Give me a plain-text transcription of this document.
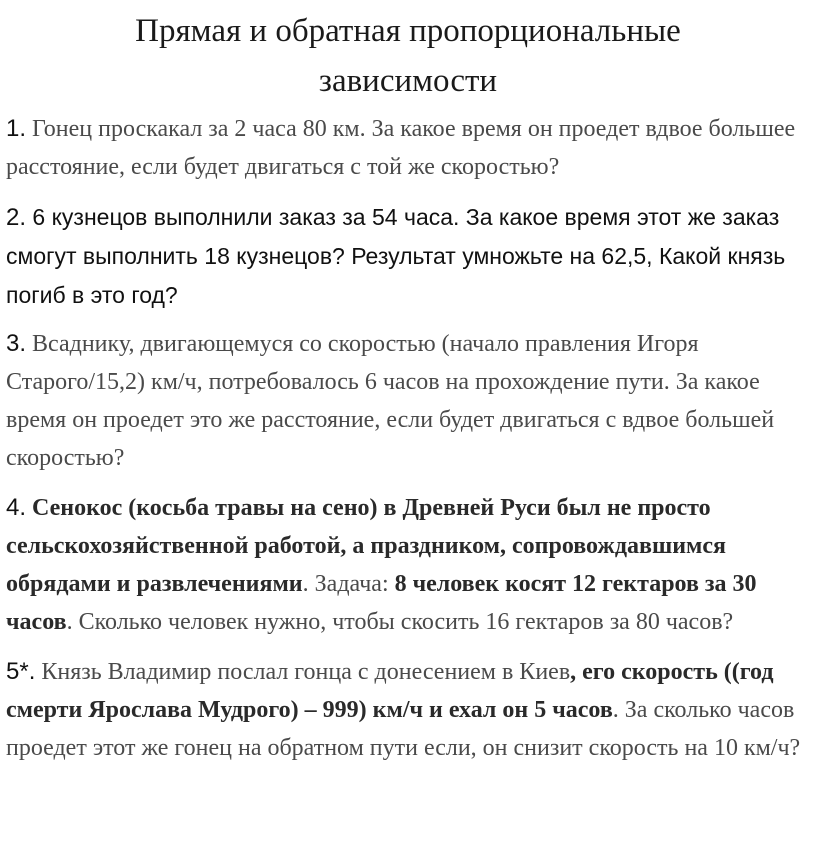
Прямая и обратная пропорциональные
зависимости

1. Гонец проскакал за 2 часа 80 км. За какое время он проедет вдвое большее расстояние, если будет двигаться с той же скоростью?

2. 6 кузнецов выполнили заказ за 54 часа. За какое время этот же заказ смогут выполнить 18 кузнецов? Результат умножьте на 62,5, Какой князь погиб в это год?

3. Всаднику, двигающемуся со скоростью (начало правления Игоря Старого/15,2) км/ч, потребовалось 6 часов на прохождение пути. За какое время он проедет это же расстояние, если будет двигаться с вдвое большей скоростью?

4. Сенокос (косьба травы на сено) в Древней Руси был не просто сельскохозяйственной работой, а праздником, сопровождавшимся обрядами и развлечениями. Задача: 8 человек косят 12 гектаров за 30 часов. Сколько человек нужно, чтобы скосить 16 гектаров за 80 часов?

5*. Князь Владимир послал гонца с донесением в Киев, его скорость ((год смерти Ярослава Мудрого) – 999) км/ч и ехал он 5 часов. За сколько часов проедет этот же гонец на обратном пути если, он снизит скорость на 10 км/ч?
